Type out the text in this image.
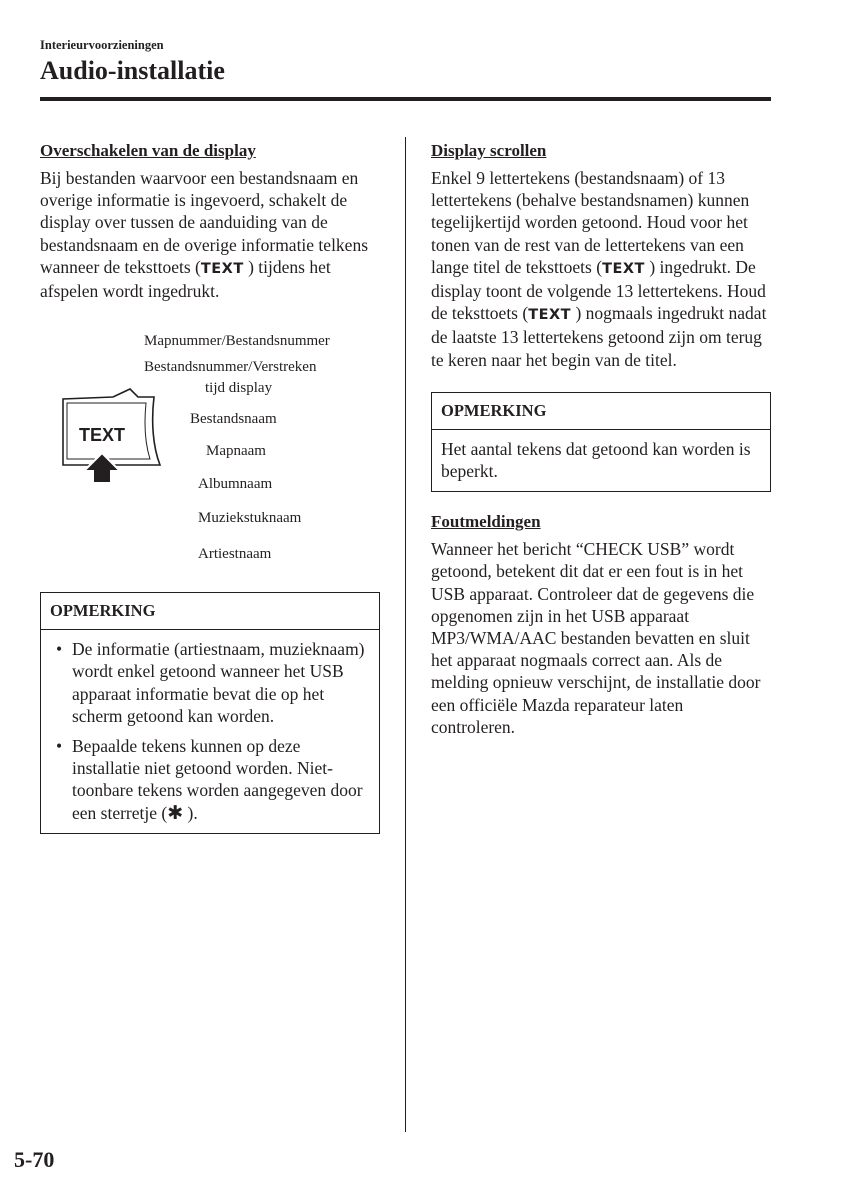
Interieurvoorzieningen
Audio-installatie
Overschakelen van de display

Bij bestanden waarvoor een bestandsnaam en overige informatie is ingevoerd, schakelt de display over tussen de aanduiding van de bestandsnaam en de overige informatie telkens wanneer de teksttoets (TEXT ) tijdens het afspelen wordt ingedrukt.

TEXT
Mapnummer/Bestandsnummer
Bestandsnummer/Verstreken
tijd display
Bestandsnaam
Mapnaam
Albumnaam
Muziekstuknaam
Artiestnaam
OPMERKING
• De informatie (artiestnaam, muzieknaam) wordt enkel getoond wanneer het USB apparaat informatie bevat die op het scherm getoond kan worden.
• Bepaalde tekens kunnen op deze installatie niet getoond worden. Niet-toonbare tekens worden aangegeven door een sterretje (✱ ).
Display scrollen

Enkel 9 lettertekens (bestandsnaam) of 13 lettertekens (behalve bestandsnamen) kunnen tegelijkertijd worden getoond. Houd voor het tonen van de rest van de lettertekens van een lange titel de teksttoets (TEXT ) ingedrukt. De display toont de volgende 13 lettertekens. Houd de teksttoets (TEXT ) nogmaals ingedrukt nadat de laatste 13 lettertekens getoond zijn om terug te keren naar het begin van de titel.

OPMERKING
Het aantal tekens dat getoond kan worden is beperkt.
Foutmeldingen

Wanneer het bericht “CHECK USB” wordt getoond, betekent dit dat er een fout is in het USB apparaat. Controleer dat de gegevens die opgenomen zijn in het USB apparaat MP3/WMA/AAC bestanden bevatten en sluit het apparaat nogmaals correct aan. Als de melding opnieuw verschijnt, de installatie door een officiële Mazda reparateur laten controleren.

5-70
